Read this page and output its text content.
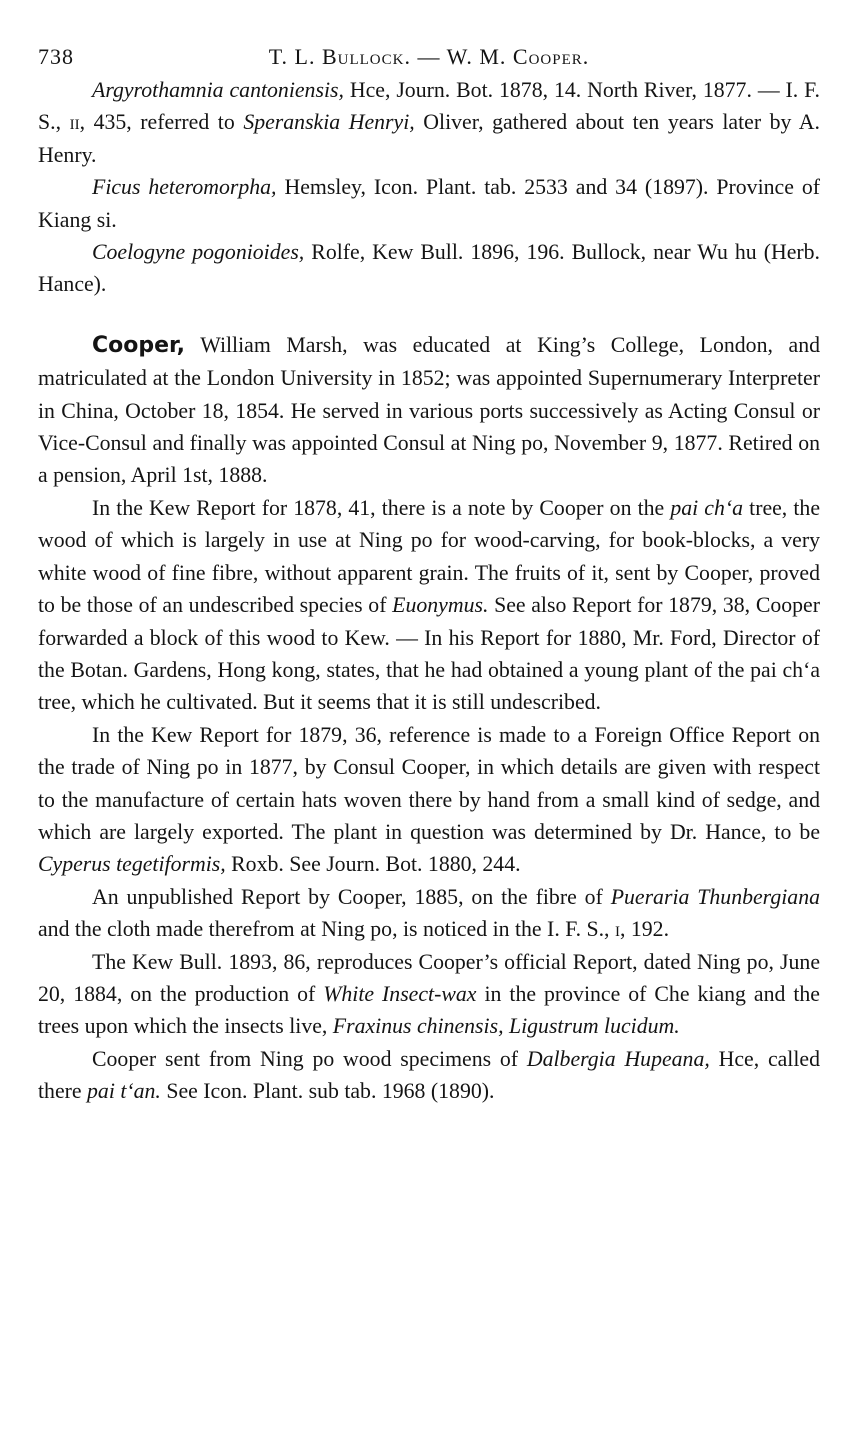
738	T. L. Bullock. — W. M. Cooper.

Argyrothamnia cantoniensis, Hce, Journ. Bot. 1878, 14. North River, 1877. — I. F. S., ii, 435, referred to Speranskia Henryi, Oliver, gathered about ten years later by A. Henry.

Ficus heteromorpha, Hemsley, Icon. Plant. tab. 2533 and 34 (1897). Province of Kiang si.

Coelogyne pogonioides, Rolfe, Kew Bull. 1896, 196. Bullock, near Wu hu (Herb. Hance).

Cooper, William Marsh, was educated at King’s College, London, and matriculated at the London University in 1852; was appointed Supernumerary Interpreter in China, October 18, 1854. He served in various ports successively as Acting Consul or Vice-Consul and finally was appointed Consul at Ning po, November 9, 1877. Retired on a pension, April 1st, 1888.

In the Kew Report for 1878, 41, there is a note by Cooper on the pai ch‘a tree, the wood of which is largely in use at Ning po for wood-carving, for book-blocks, a very white wood of fine fibre, without apparent grain. The fruits of it, sent by Cooper, proved to be those of an undescribed species of Euonymus. See also Report for 1879, 38, Cooper forwarded a block of this wood to Kew. — In his Report for 1880, Mr. Ford, Director of the Botan. Gardens, Hong kong, states, that he had obtained a young plant of the pai ch‘a tree, which he cultivated. But it seems that it is still undescribed.

In the Kew Report for 1879, 36, reference is made to a Foreign Office Report on the trade of Ning po in 1877, by Consul Cooper, in which details are given with respect to the manufacture of certain hats woven there by hand from a small kind of sedge, and which are largely exported. The plant in question was determined by Dr. Hance, to be Cyperus tegetiformis, Roxb. See Journ. Bot. 1880, 244.

An unpublished Report by Cooper, 1885, on the fibre of Pueraria Thunbergiana and the cloth made therefrom at Ning po, is noticed in the I. F. S., i, 192.

The Kew Bull. 1893, 86, reproduces Cooper’s official Report, dated Ning po, June 20, 1884, on the production of White Insect-wax in the province of Che kiang and the trees upon which the insects live, Fraxinus chinensis, Ligustrum lucidum.

Cooper sent from Ning po wood specimens of Dalbergia Hupeana, Hce, called there pai t‘an. See Icon. Plant. sub tab. 1968 (1890).
